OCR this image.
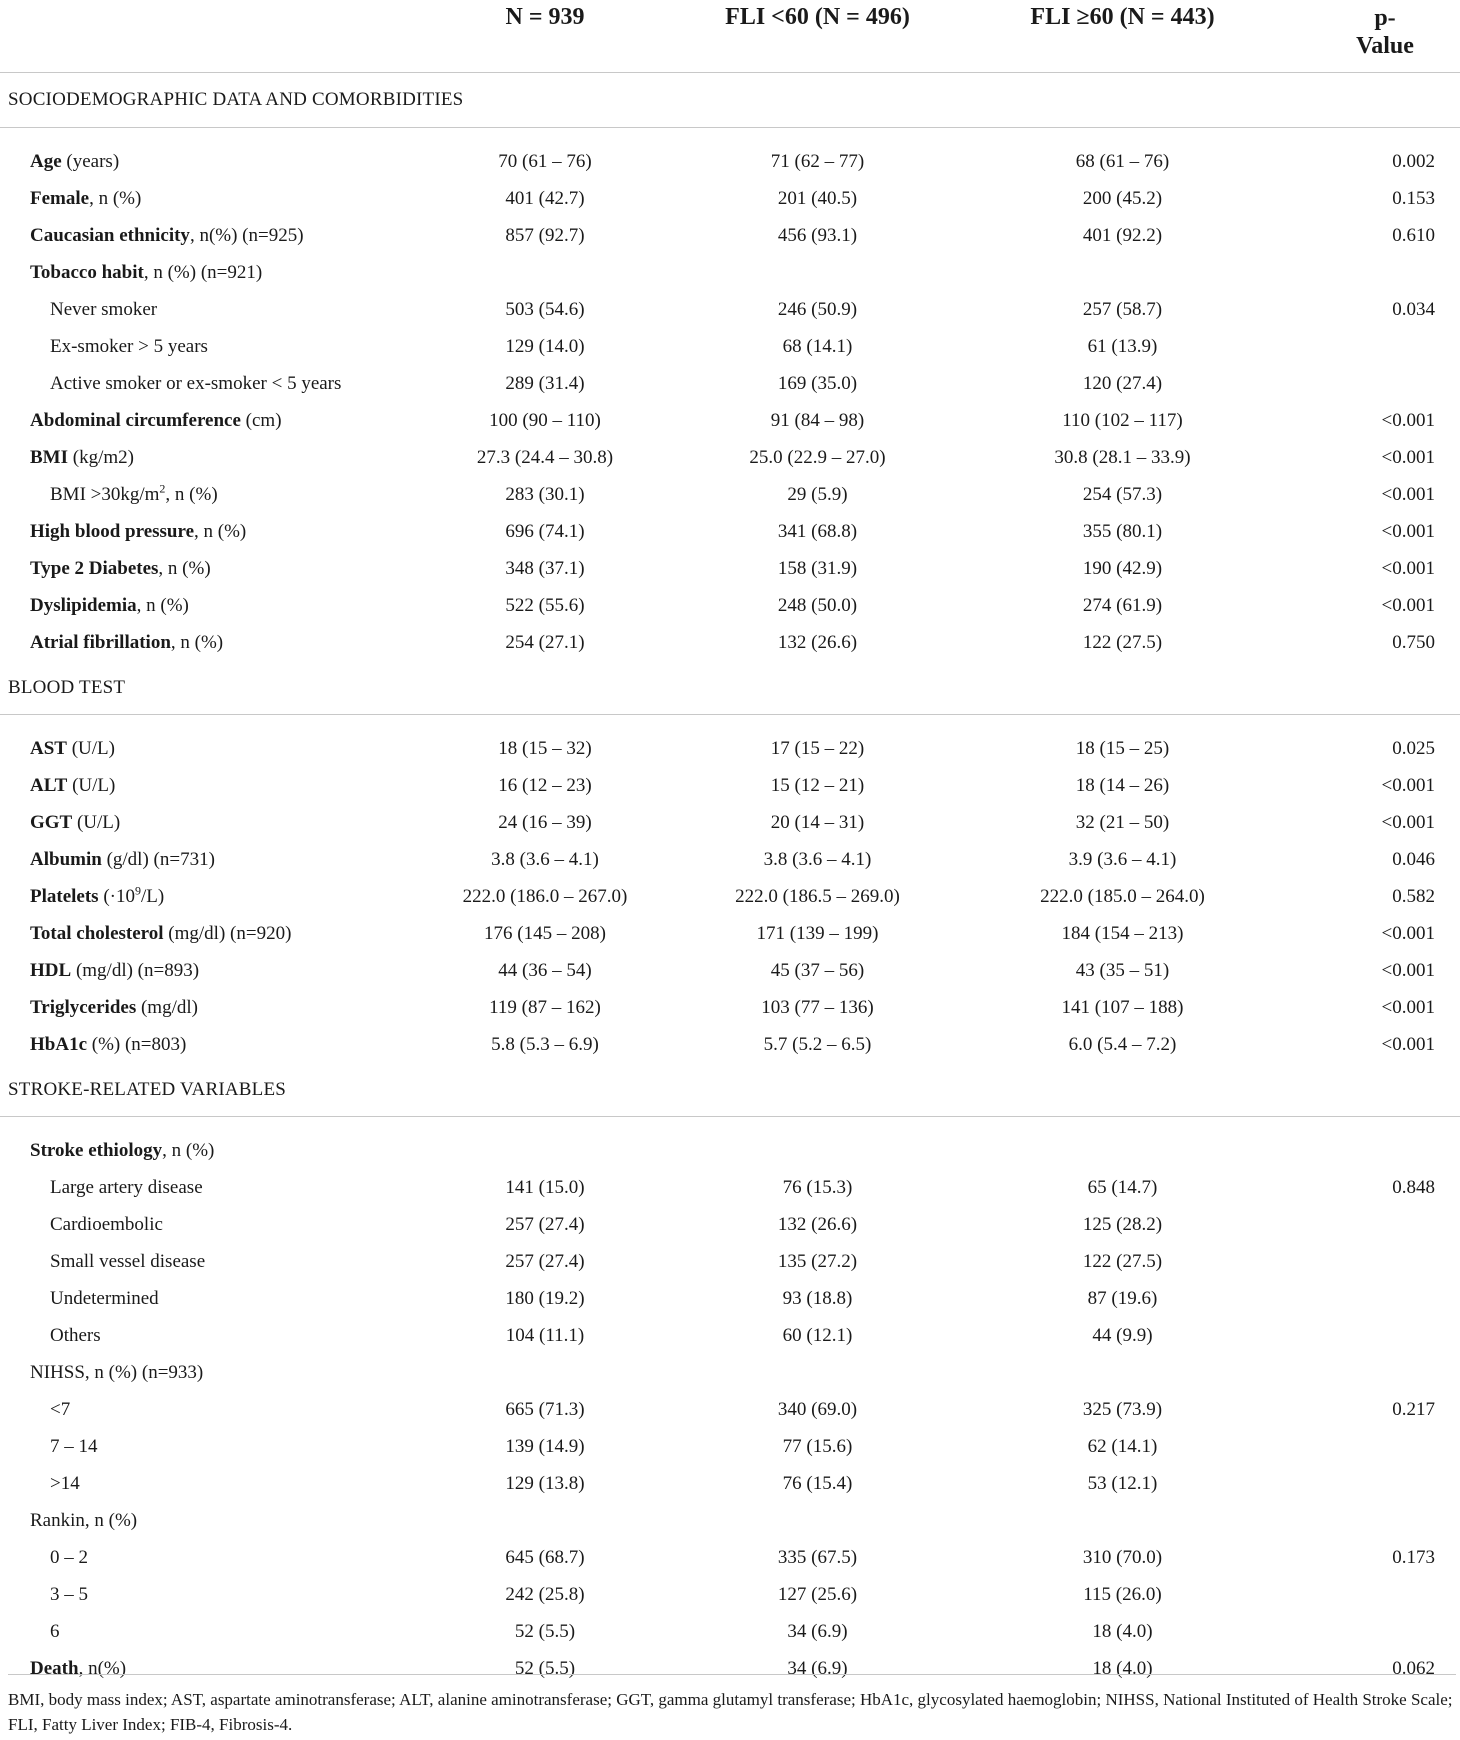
	N = 939	FLI <60 (N = 496)	FLI ≥60 (N = 443)	p-
Value

SOCIODEMOGRAPHIC DATA AND COMORBIDITIES				

Age (years)	70 (61 – 76)	71 (62 – 77)	68 (61 – 76)	0.002
Female, n (%)	401 (42.7)	201 (40.5)	200 (45.2)	0.153
Caucasian ethnicity, n(%) (n=925)	857 (92.7)	456 (93.1)	401 (92.2)	0.610
Tobacco habit, n (%) (n=921)				
Never smoker	503 (54.6)	246 (50.9)	257 (58.7)	0.034
Ex-smoker > 5 years	129 (14.0)	68 (14.1)	61 (13.9)	
Active smoker or ex-smoker < 5 years	289 (31.4)	169 (35.0)	120 (27.4)	
Abdominal circumference (cm)	100 (90 – 110)	91 (84 – 98)	110 (102 – 117)	<0.001
BMI (kg/m2)	27.3 (24.4 – 30.8)	25.0 (22.9 – 27.0)	30.8 (28.1 – 33.9)	<0.001
BMI $>30kg/m^2$, n (%)	283 (30.1)	29 (5.9)	254 (57.3)	<0.001
High blood pressure, n (%)	696 (74.1)	341 (68.8)	355 (80.1)	<0.001
Type 2 Diabetes, n (%)	348 (37.1)	158 (31.9)	190 (42.9)	<0.001
Dyslipidemia, n (%)	522 (55.6)	248 (50.0)	274 (61.9)	<0.001
Atrial fibrillation, n (%)	254 (27.1)	132 (26.6)	122 (27.5)	0.750
BLOOD TEST				

AST (U/L)	18 (15 – 32)	17 (15 – 22)	18 (15 – 25)	0.025
ALT (U/L)	16 (12 – 23)	15 (12 – 21)	18 (14 – 26)	<0.001
GGT (U/L)	24 (16 – 39)	20 (14 – 31)	32 (21 – 50)	<0.001
Albumin (g/dl) (n=731)	3.8 (3.6 – 4.1)	3.8 (3.6 – 4.1)	3.9 (3.6 – 4.1)	0.046
Platelets $(\cdot 10^9/L)$	222.0 (186.0 – 267.0)	222.0 (186.5 – 269.0)	222.0 (185.0 – 264.0)	0.582
Total cholesterol (mg/dl) (n=920)	176 (145 – 208)	171 (139 – 199)	184 (154 – 213)	<0.001
HDL (mg/dl) (n=893)	44 (36 – 54)	45 (37 – 56)	43 (35 – 51)	<0.001
Triglycerides (mg/dl)	119 (87 – 162)	103 (77 – 136)	141 (107 – 188)	<0.001
HbA1c (%) (n=803)	5.8 (5.3 – 6.9)	5.7 (5.2 – 6.5)	6.0 (5.4 – 7.2)	<0.001
STROKE-RELATED VARIABLES				

Stroke ethiology, n (%)				
Large artery disease	141 (15.0)	76 (15.3)	65 (14.7)	0.848
Cardioembolic	257 (27.4)	132 (26.6)	125 (28.2)	
Small vessel disease	257 (27.4)	135 (27.2)	122 (27.5)	
Undetermined	180 (19.2)	93 (18.8)	87 (19.6)	
Others	104 (11.1)	60 (12.1)	44 (9.9)	
NIHSS, n (%) (n=933)				
<7	665 (71.3)	340 (69.0)	325 (73.9)	0.217
7 – 14	139 (14.9)	77 (15.6)	62 (14.1)	
>14	129 (13.8)	76 (15.4)	53 (12.1)	
Rankin, n (%)				
0 – 2	645 (68.7)	335 (67.5)	310 (70.0)	0.173
3 – 5	242 (25.8)	127 (25.6)	115 (26.0)	
6	52 (5.5)	34 (6.9)	18 (4.0)	
Death, n(%)	52 (5.5)	34 (6.9)	18 (4.0)	0.062
BMI, body mass index; AST, aspartate aminotransferase; ALT, alanine aminotransferase; GGT, gamma glutamyl transferase; HbA1c, glycosylated haemoglobin; NIHSS, National Instituted of Health Stroke Scale; FLI, Fatty Liver Index; FIB-4, Fibrosis-4.
